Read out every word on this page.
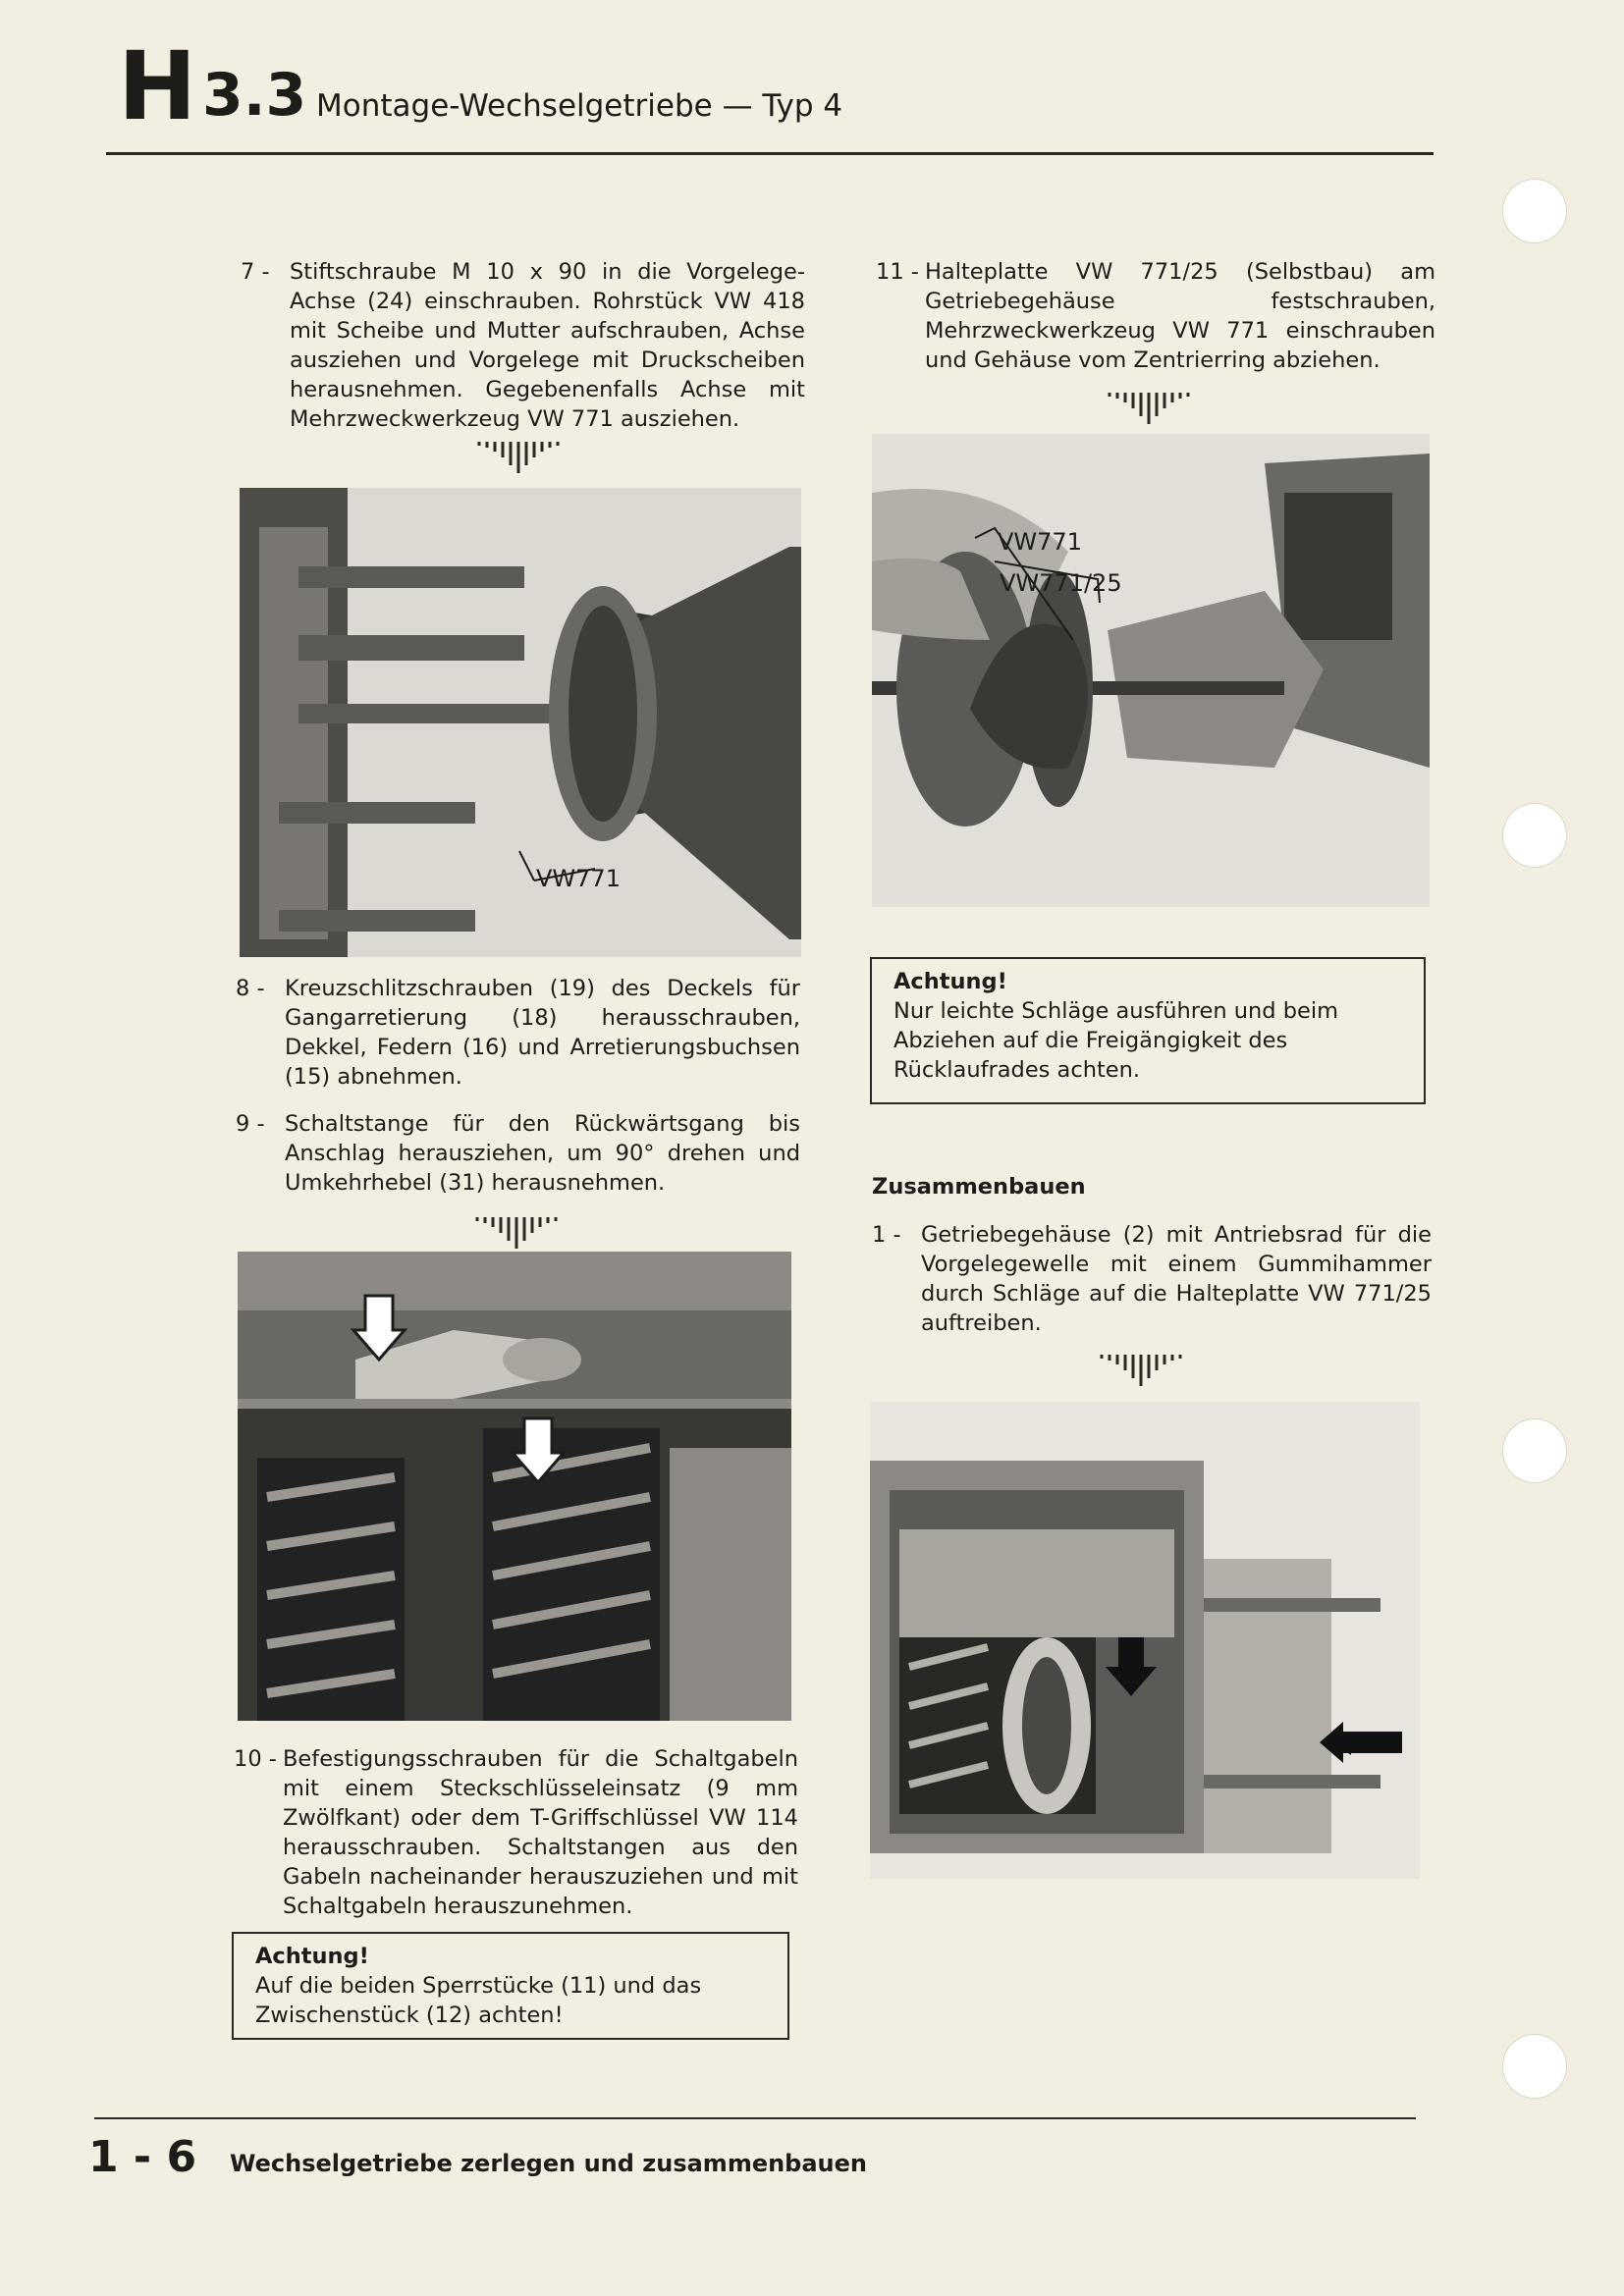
H 3.3 Montage-Wechselgetriebe — Typ 4
7 - Stiftschraube M 10 x 90 in die Vorgelege-Achse (24) einschrauben. Rohrstück VW 418 mit Scheibe und Mutter aufschrauben, Achse ausziehen und Vorgelege mit Druckscheiben herausnehmen. Gegebenenfalls Achse mit Mehrzweckwerkzeug VW 771 ausziehen.
VW771
8 - Kreuzschlitzschrauben (19) des Deckels für Gangarretierung (18) herausschrauben, Dekkel, Federn (16) und Arretierungsbuchsen (15) abnehmen.
9 - Schaltstange für den Rückwärtsgang bis Anschlag herausziehen, um 90° drehen und Umkehrhebel (31) herausnehmen.
10 - Befestigungsschrauben für die Schaltgabeln mit einem Steckschlüsseleinsatz (9 mm Zwölfkant) oder dem T-Griffschlüssel VW 114 herausschrauben. Schaltstangen aus den Gabeln nacheinander herauszuziehen und mit Schaltgabeln herauszunehmen.
Achtung!
Auf die beiden Sperrstücke (11) und das Zwischenstück (12) achten!
11 - Halteplatte VW 771/25 (Selbstbau) am Getriebegehäuse festschrauben, Mehrzweckwerkzeug VW 771 einschrauben und Gehäuse vom Zentrierring abziehen.
VW771
VW771/25
Achtung!
Nur leichte Schläge ausführen und beim Abziehen auf die Freigängigkeit des Rücklaufrades achten.
Zusammenbauen
1 - Getriebegehäuse (2) mit Antriebsrad für die Vorgelegewelle mit einem Gummihammer durch Schläge auf die Halteplatte VW 771/25 auftreiben.
1 - 6 Wechselgetriebe zerlegen und zusammenbauen
